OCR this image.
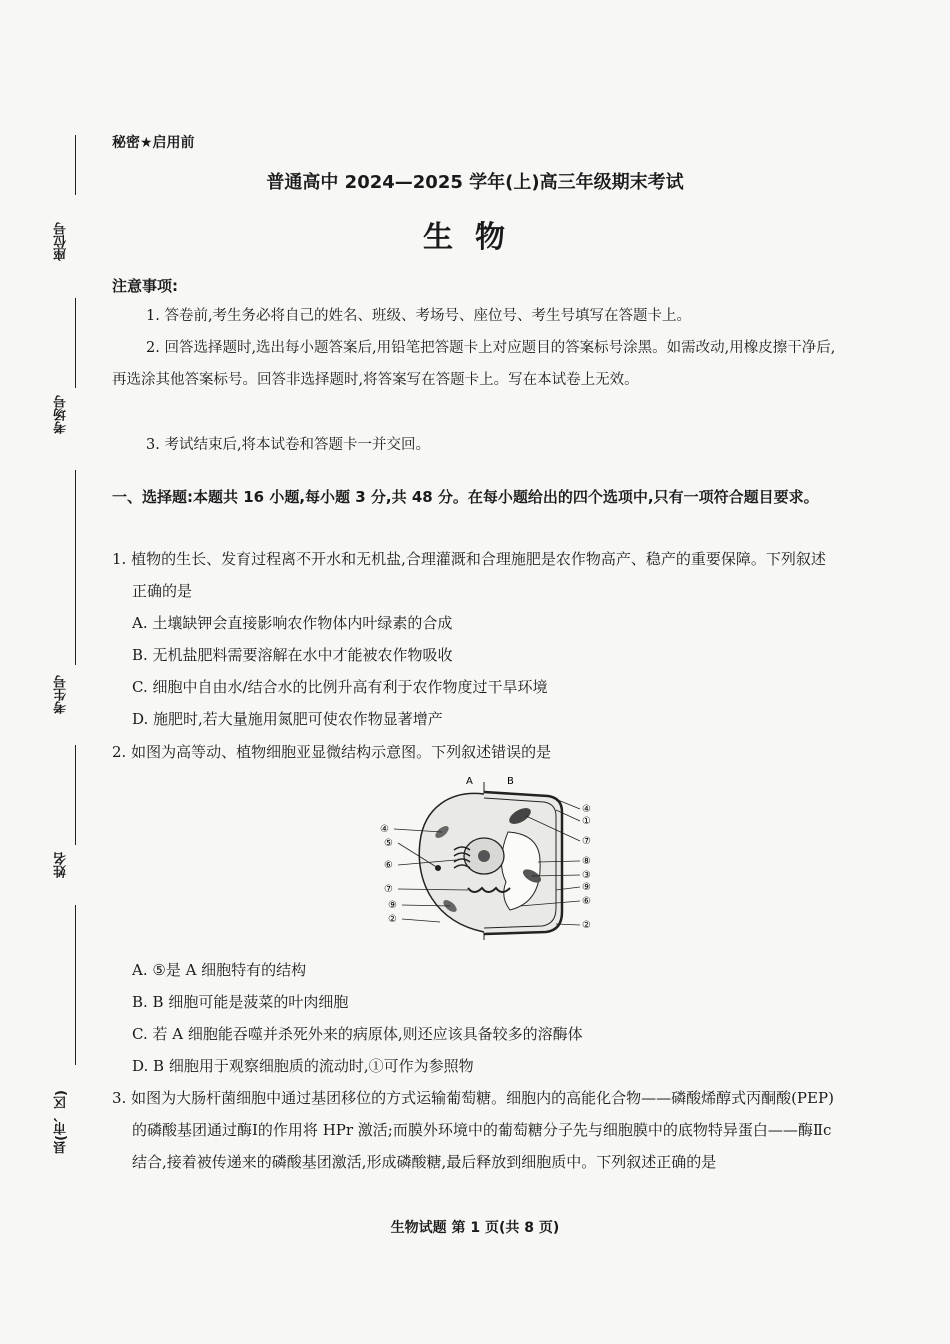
座位号
考场号
考生号
姓名
县(市、区)
秘密★启用前
普通高中 2024—2025 学年(上)高三年级期末考试
生物
注意事项:
1. 答卷前,考生务必将自己的姓名、班级、考场号、座位号、考生号填写在答题卡上。
2. 回答选择题时,选出每小题答案后,用铅笔把答题卡上对应题目的答案标号涂黑。如需改动,用橡皮擦干净后,再选涂其他答案标号。回答非选择题时,将答案写在答题卡上。写在本试卷上无效。
3. 考试结束后,将本试卷和答题卡一并交回。
一、选择题:本题共 16 小题,每小题 3 分,共 48 分。在每小题给出的四个选项中,只有一项符合题目要求。
1. 植物的生长、发育过程离不开水和无机盐,合理灌溉和合理施肥是农作物高产、稳产的重要保障。下列叙述正确的是
A. 土壤缺钾会直接影响农作物体内叶绿素的合成
B. 无机盐肥料需要溶解在水中才能被农作物吸收
C. 细胞中自由水/结合水的比例升高有利于农作物度过干旱环境
D. 施肥时,若大量施用氮肥可使农作物显著增产
2. 如图为高等动、植物细胞亚显微结构示意图。下列叙述错误的是
A	B
④
⑤
⑥
⑦
⑨
②
④
①
⑦
⑧
③
⑨
⑥
②
A. ⑤是 A 细胞特有的结构
B. B 细胞可能是菠菜的叶肉细胞
C. 若 A 细胞能吞噬并杀死外来的病原体,则还应该具备较多的溶酶体
D. B 细胞用于观察细胞质的流动时,①可作为参照物
3. 如图为大肠杆菌细胞中通过基团移位的方式运输葡萄糖。细胞内的高能化合物——磷酸烯醇式丙酮酸(PEP)的磷酸基团通过酶Ⅰ的作用将 HPr 激活;而膜外环境中的葡萄糖分子先与细胞膜中的底物特异蛋白——酶Ⅱc 结合,接着被传递来的磷酸基团激活,形成磷酸糖,最后释放到细胞质中。下列叙述正确的是
生物试题 第 1 页(共 8 页)
